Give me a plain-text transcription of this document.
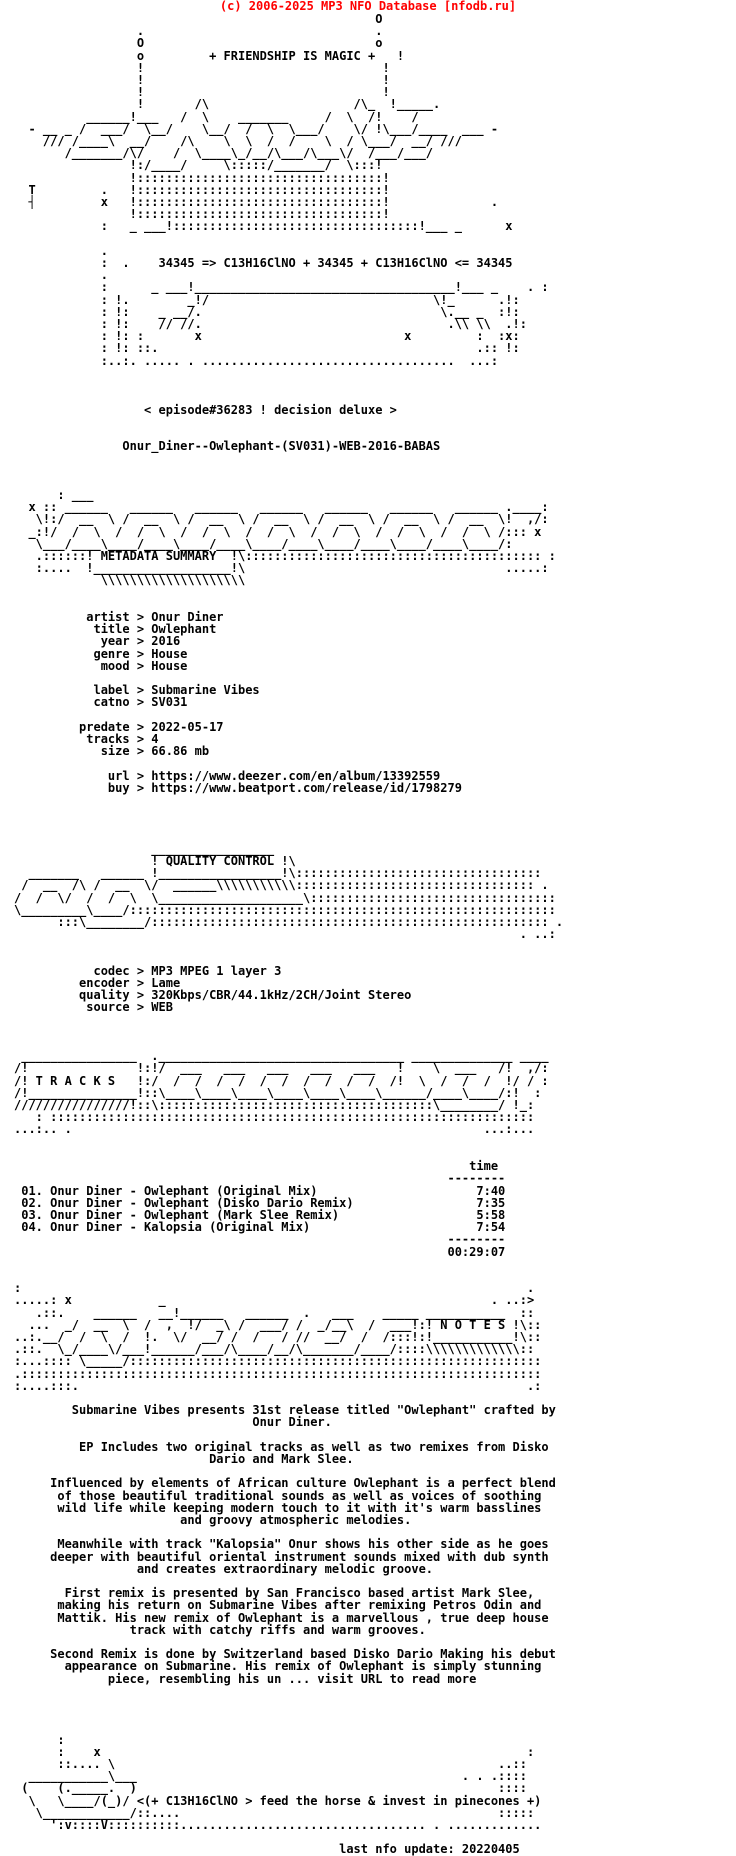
(c) 2006-2025 MP3 NFO Database [nfodb.ru]
O
.                                .
O                                o
o         + FRIENDSHIP IS MAGIC +   !
!                                 !
!                                 !
!                                 !
!       /\                    /\_  !_____.
______!___   /  \    _______     /  \  /!    /
- __ _ /  ___/  \__/    \__/  /  \  \___/    \/ !\___/____  ___ -
/// /____\  __/    /\    \  \  /  /    \  / \___/  __/ ///
/_______/\/    /  \____\_/__/\___/\___\/  /___/___/
!:/____/     \:::::/_______/  \:::!
!::::::::::::::::::::::::::::::::::!
T         .   !::::::::::::::::::::::::::::::::::!
┤         x   !::::::::::::::::::::::::::::::::::!              .
!::::::::::::::::::::::::::::::::::!
:   _ ___!::::::::::::::::::::::::::::::::::!___ _      x

.
:  .    34345 => C13H16ClNO + 34345 + C13H16ClNO <= 34345
.
:      _ ___!____________________________________!___ _    . :
: !.        _!/                               \!_      .!:
: !:    _ __/.                                 \.__ _  :!:
: !:    // //.                                  .\\ \\  .!:
: !: :       x                            x         :  :x:
: !: ::.                                            .:: !:
:..:. ..... . ...................................  ...:

< episode#36283 ! decision deluxe >

Onur_Diner--Owlephant-(SV031)-WEB-2016-BABAS

: ___
x :: ______   ______   ______   ______   ______   ______   ______ .____:
\!:/  __  \ /  __  \ /  __  \ /  __  \ /  __  \ /  __  \ /  __  \!  ,/:
_:!/  /  \  /  /  \  /  /  \  /  /  \  /  /  \  /  /  \  /  /  \ /::: x
\___/____\____/____\____/____\____/____\____/____\____/____\____/:
.::::::! METADATA SUMMARY  !\::::::::::::::::::::::::::::::::::::::::: :
:....  !___________________!\                                    .....:
\\\\\\\\\\\\\\\\\\\\

artist > Onur Diner
title > Owlephant
year > 2016
genre > House
mood > House

label > Submarine Vibes
catno > SV031

predate > 2022-05-17
tracks > 4
size > 66.86 mb

url > https://www.deezer.com/en/album/13392559
buy > https://www.beatport.com/release/id/1798279

_________________
! QUALITY CONTROL !\
_______   ______ !_________________!\::::::::::::::::::::::::::::::::::
/  __  /\ /  __  \/  ______\\\\\\\\\\\::::::::::::::::::::::::::::::::: .
/  /  \/  /  /  \  \____________________\::::::::::::::::::::::::::::::::::
\_________\____/:::::::::::::::::::::::::::::::::::::::::::::::::::::::::::
:::\________/::::::::::::::::::::::::::::::::::::::::::::::::::::::: .
. ..:

codec > MP3 MPEG 1 layer 3
encoder > Lame
quality > 320Kbps/CBR/44.1kHz/2CH/Joint Stereo
source > WEB

________________  .__________________________________ ______________ ____
/!               !:!/  ___   ___   ___   ___   ___   !    \  ___   /!  ,/:
/! T R A C K S   !:/  /  /  /  /  /  /  /  /  /  /  /!  \  /  /  /  !/ / :
/!_______________!::\____\____\____\____\____\____\______/____\____/:!  :
////////////////!::\::::::::::::::::::::::::::::::::::::::\________/ !_:
: :::::::::::::::::::::::::::::::::::::::::::::::::::::::::::::::::::
...:.. .                                                         ...:...

time
--------
01. Onur Diner - Owlephant (Original Mix)                      7:40
02. Onur Diner - Owlephant (Disko Dario Remix)                 7:35
03. Onur Diner - Owlephant (Mark Slee Remix)                   5:58
04. Onur Diner - Kalopsia (Original Mix)                       7:54
--------
00:29:07

:                                                                      .
.....: x            _                                             . ..:>
.::.    ______   __!______   ______  .   ___    _____ ___________  ::
...  _/  __  \  /  ,  !/  _\ /  ___/ /  _/__\  /  ___!:! N O T E S !\::
..:.__/  /  \  /  !.  \/  __/ /  /   / //  __/  /  /:::!:!___________!\::
.::.  \_/____\/___!______/___/\____/__/\_______/____/::::\\\\\\\\\\\\\::
:...:::: \_____/:::::::::::::::::::::::::::::::::::::::::::::::::::::::::
.::::::::::::::::::::::::::::::::::::::::::::::::::::::::::::::::::::::::
:....:::.                                                              .:

Submarine Vibes presents 31st release titled "Owlephant" crafted by
Onur Diner.

EP Includes two original tracks as well as two remixes from Disko
Dario and Mark Slee.

Influenced by elements of African culture Owlephant is a perfect blend
of those beautiful traditional sounds as well as voices of soothing
wild life while keeping modern touch to it with it's warm basslines
and groovy atmospheric melodies.

Meanwhile with track "Kalopsia" Onur shows his other side as he goes
deeper with beautiful oriental instrument sounds mixed with dub synth
and creates extraordinary melodic groove.

First remix is presented by San Francisco based artist Mark Slee,
making his return on Submarine Vibes after remixing Petros Odin and
Mattik. His new remix of Owlephant is a marvellous , true deep house
track with catchy riffs and warm grooves.

Second Remix is done by Switzerland based Disko Dario Making his debut
appearance on Submarine. His remix of Owlephant is simply stunning
piece, resembling his un ... visit URL to read more

:
:    x                                                           :
::.... \                                                     ..::
___________\___                                             . . .::::
(    (._____.  )                                                  ::::
\   \____/(_)/ <(+ C13H16ClNO > feed the horse & invest in pinecones +)
\____________/::....                                            :::::
':v::::V::::::::::.................................. . .............

last nfo update: 20220405
